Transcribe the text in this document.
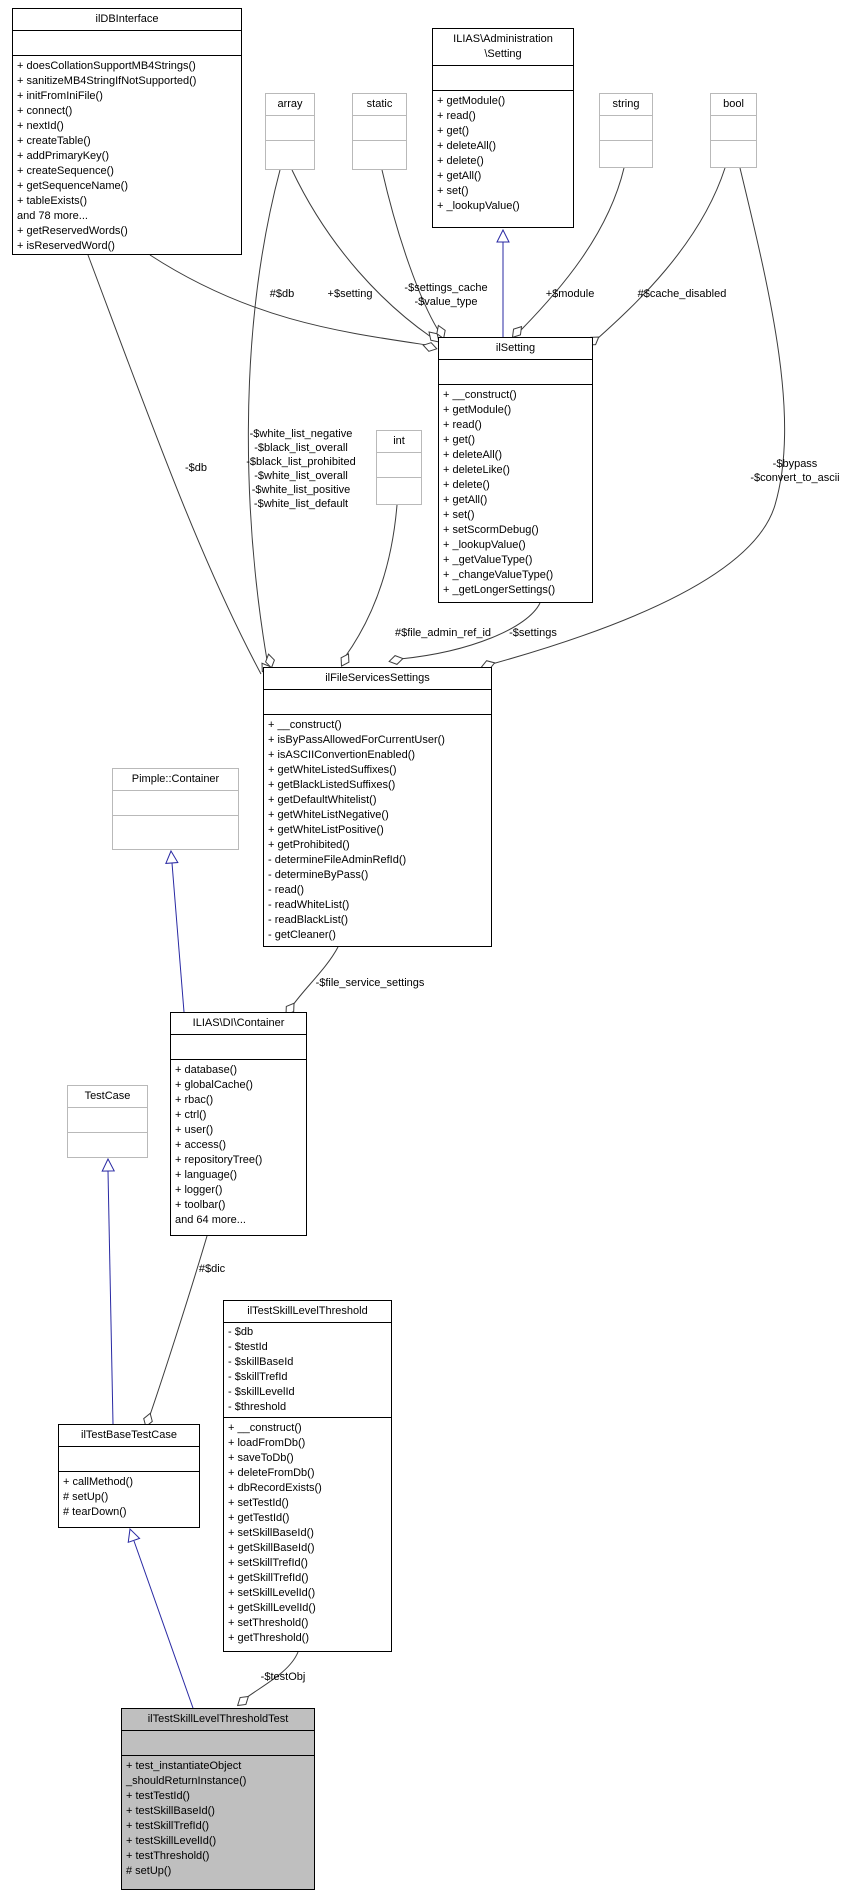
ilDBInterface
+ doesCollationSupportMB4Strings()
+ sanitizeMB4StringIfNotSupported()
+ initFromIniFile()
+ connect()
+ nextId()
+ createTable()
+ addPrimaryKey()
+ createSequence()
+ getSequenceName()
+ tableExists()
and 78 more...
+ getReservedWords()
+ isReservedWord()
ILIAS\Administration
\Setting
+ getModule()
+ read()
+ get()
+ deleteAll()
+ delete()
+ getAll()
+ set()
+ _lookupValue()
array	static	string	bool
ilSetting
+ __construct()
+ getModule()
+ read()
+ get()
+ deleteAll()
+ deleteLike()
+ delete()
+ getAll()
+ set()
+ setScormDebug()
+ _lookupValue()
+ _getValueType()
+ _changeValueType()
+ _getLongerSettings()
int
ilFileServicesSettings
+ __construct()
+ isByPassAllowedForCurrentUser()
+ isASCIIConvertionEnabled()
+ getWhiteListedSuffixes()
+ getBlackListedSuffixes()
+ getDefaultWhitelist()
+ getWhiteListNegative()
+ getWhiteListPositive()
+ getProhibited()
- determineFileAdminRefId()
- determineByPass()
- read()
- readWhiteList()
- readBlackList()
- getCleaner()
Pimple::Container
ILIAS\DI\Container
+ database()
+ globalCache()
+ rbac()
+ ctrl()
+ user()
+ access()
+ repositoryTree()
+ language()
+ logger()
+ toolbar()
and 64 more...
TestCase
ilTestSkillLevelThreshold
- $db
- $testId
- $skillBaseId
- $skillTrefId
- $skillLevelId
- $threshold
+ __construct()
+ loadFromDb()
+ saveToDb()
+ deleteFromDb()
+ dbRecordExists()
+ setTestId()
+ getTestId()
+ setSkillBaseId()
+ getSkillBaseId()
+ setSkillTrefId()
+ getSkillTrefId()
+ setSkillLevelId()
+ getSkillLevelId()
+ setThreshold()
+ getThreshold()
ilTestBaseTestCase
+ callMethod()
# setUp()
# tearDown()
ilTestSkillLevelThresholdTest
+ test_instantiateObject
_shouldReturnInstance()
+ testTestId()
+ testSkillBaseId()
+ testSkillTrefId()
+ testSkillLevelId()
+ testThreshold()
# setUp()
#$db	+$setting	-$settings_cache
-$value_type
+$module	#$cache_disabled
-$db
-$white_list_negative
-$black_list_overall
-$black_list_prohibited
-$white_list_overall
-$white_list_positive
-$white_list_default
-$bypass
-$convert_to_ascii
#$file_admin_ref_id -$settings
-$file_service_settings
#$dic
-$testObj
